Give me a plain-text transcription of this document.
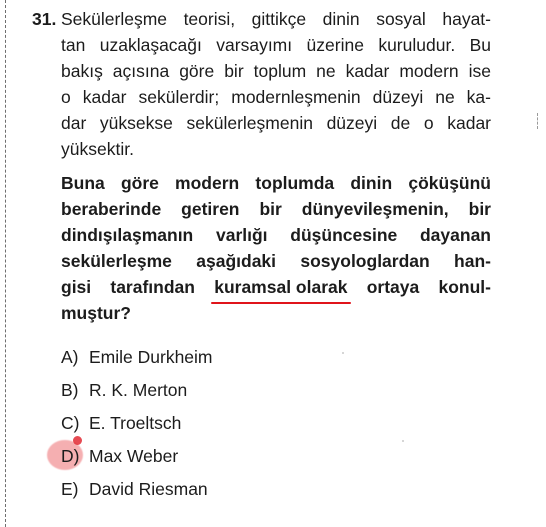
31. Sekülerleşme teorisi, gittikçe dinin sosyal hayat-
tan uzaklaşacağı varsayımı üzerine kuruludur. Bu
bakış açısına göre bir toplum ne kadar modern ise
o kadar sekülerdir; modernleşmenin düzeyi ne ka-
dar yüksekse sekülerleşmenin düzeyi de o kadar
yüksektir.
Buna göre modern toplumda dinin çöküşünü
beraberinde getiren bir dünyevileşmenin, bir
dindışılaşmanın varlığı düşüncesine dayanan
sekülerleşme aşağıdaki sosyologlardan han-
gisi tarafından kuramsal olarak ortaya konul-
muştur?
A) Emile Durkheim
B) R. K. Merton
C) E. Troeltsch
D) Max Weber
E) David Riesman
